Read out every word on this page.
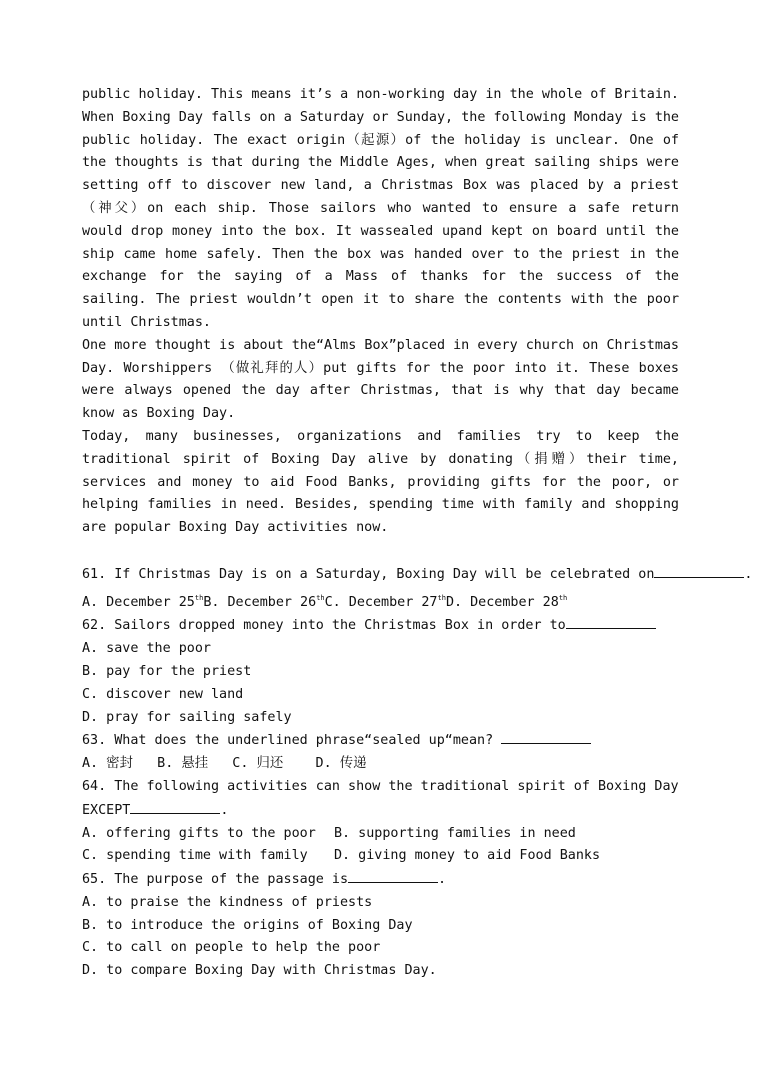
public holiday. This means it’s a non-working day in the whole of Britain. When Boxing Day falls on a Saturday or Sunday, the following Monday is the public holiday. The exact origin（起源）of the holiday is unclear. One of the thoughts is that during the Middle Ages, when great sailing ships were setting off to discover new land, a Christmas Box was placed by a priest （神父）on each ship. Those sailors who wanted to ensure a safe return would drop money into the box. It wassealed upand kept on board until the ship came home safely. Then the box was handed over to the priest in the exchange for the saying of a Mass of thanks for the success of the sailing. The priest wouldn’t open it to share the contents with the poor until Christmas.

One more thought is about the“Alms Box”placed in every church on Christmas Day. Worshippers （做礼拜的人）put gifts for the poor into it. These boxes were always opened the day after Christmas, that is why that day became know as Boxing Day.

Today, many businesses, organizations and families try to keep the traditional spirit of Boxing Day alive by donating（捐赠）their time, services and money to aid Food Banks, providing gifts for the poor, or helping families in need. Besides, spending time with family and shopping are popular Boxing Day activities now.

61. If Christmas Day is on a Saturday, Boxing Day will be celebrated on	.

A. December 25thB. December 26thC. December 27thD. December 28th

62. Sailors dropped money into the Christmas Box in order to

A. save the poor

B. pay for the priest

C. discover new land

D. pray for sailing safely

63. What does the underlined phrase“sealed up“mean?

A. 密封   B. 悬挂   C. 归还    D. 传递

64. The following activities can show the traditional spirit of Boxing Day

EXCEPT	.

A. offering gifts to the poor B. supporting families in need

C. spending time with family D. giving money to aid Food Banks

65. The purpose of the passage is	.

A. to praise the kindness of priests

B. to introduce the origins of Boxing Day

C. to call on people to help the poor

D. to compare Boxing Day with Christmas Day.
